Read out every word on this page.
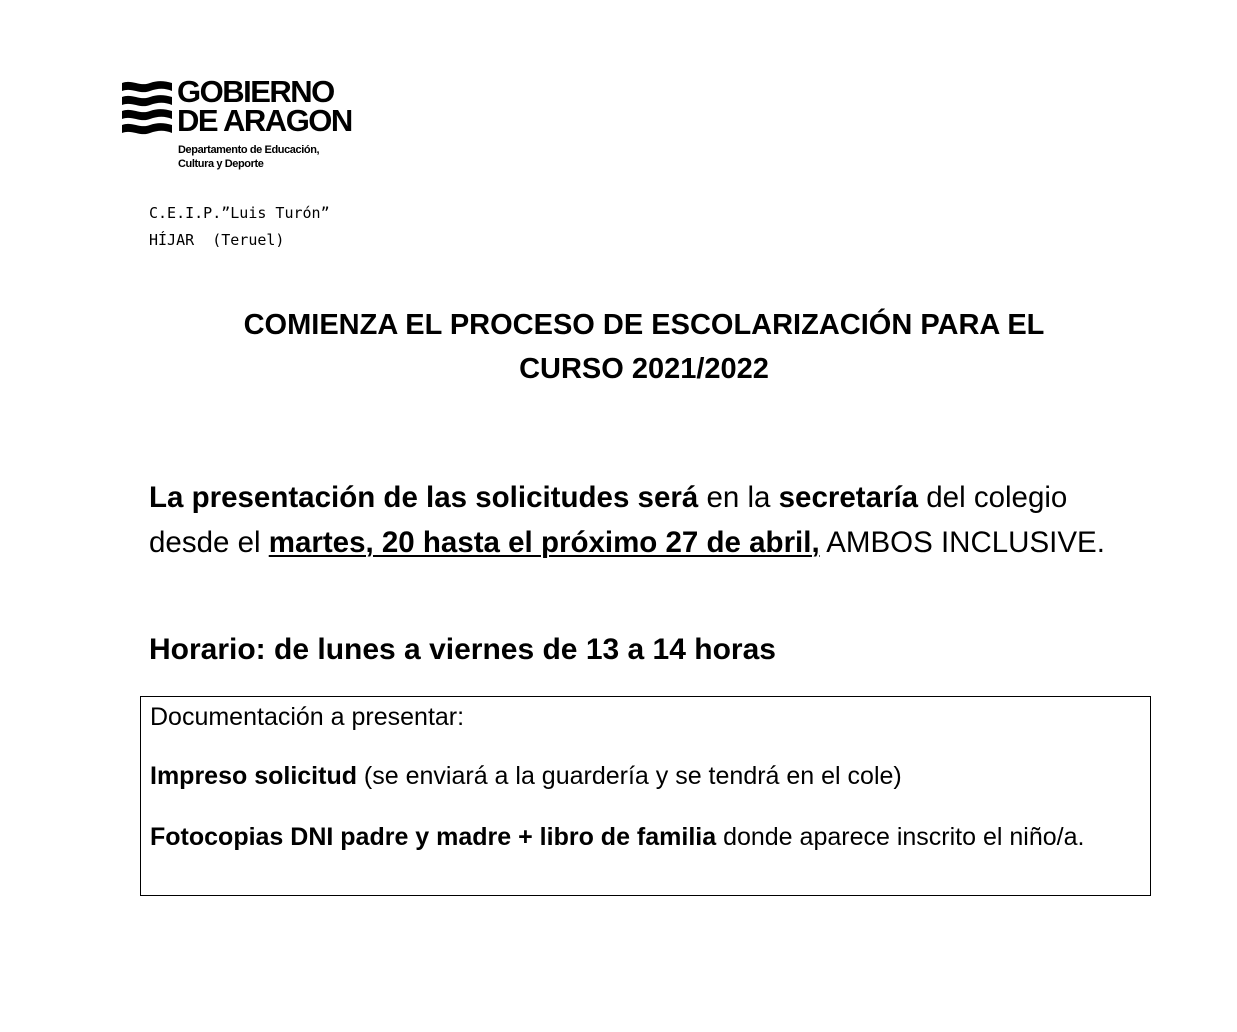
GOBIERNO
DE ARAGON
Departamento de Educación,
Cultura y Deporte
C.E.I.P.”Luis Turón”
HÍJAR  (Teruel)
COMIENZA EL PROCESO DE ESCOLARIZACIÓN PARA EL
CURSO 2021/2022
La presentación de las solicitudes será en la secretaría del colegio desde el martes, 20 hasta el próximo 27 de abril, AMBOS INCLUSIVE.
Horario: de lunes a viernes de 13 a 14 horas
Documentación a presentar:
Impreso solicitud (se enviará a la guardería y se tendrá en el cole)
Fotocopias DNI padre y madre + libro de familia donde aparece inscrito el niño/a.
